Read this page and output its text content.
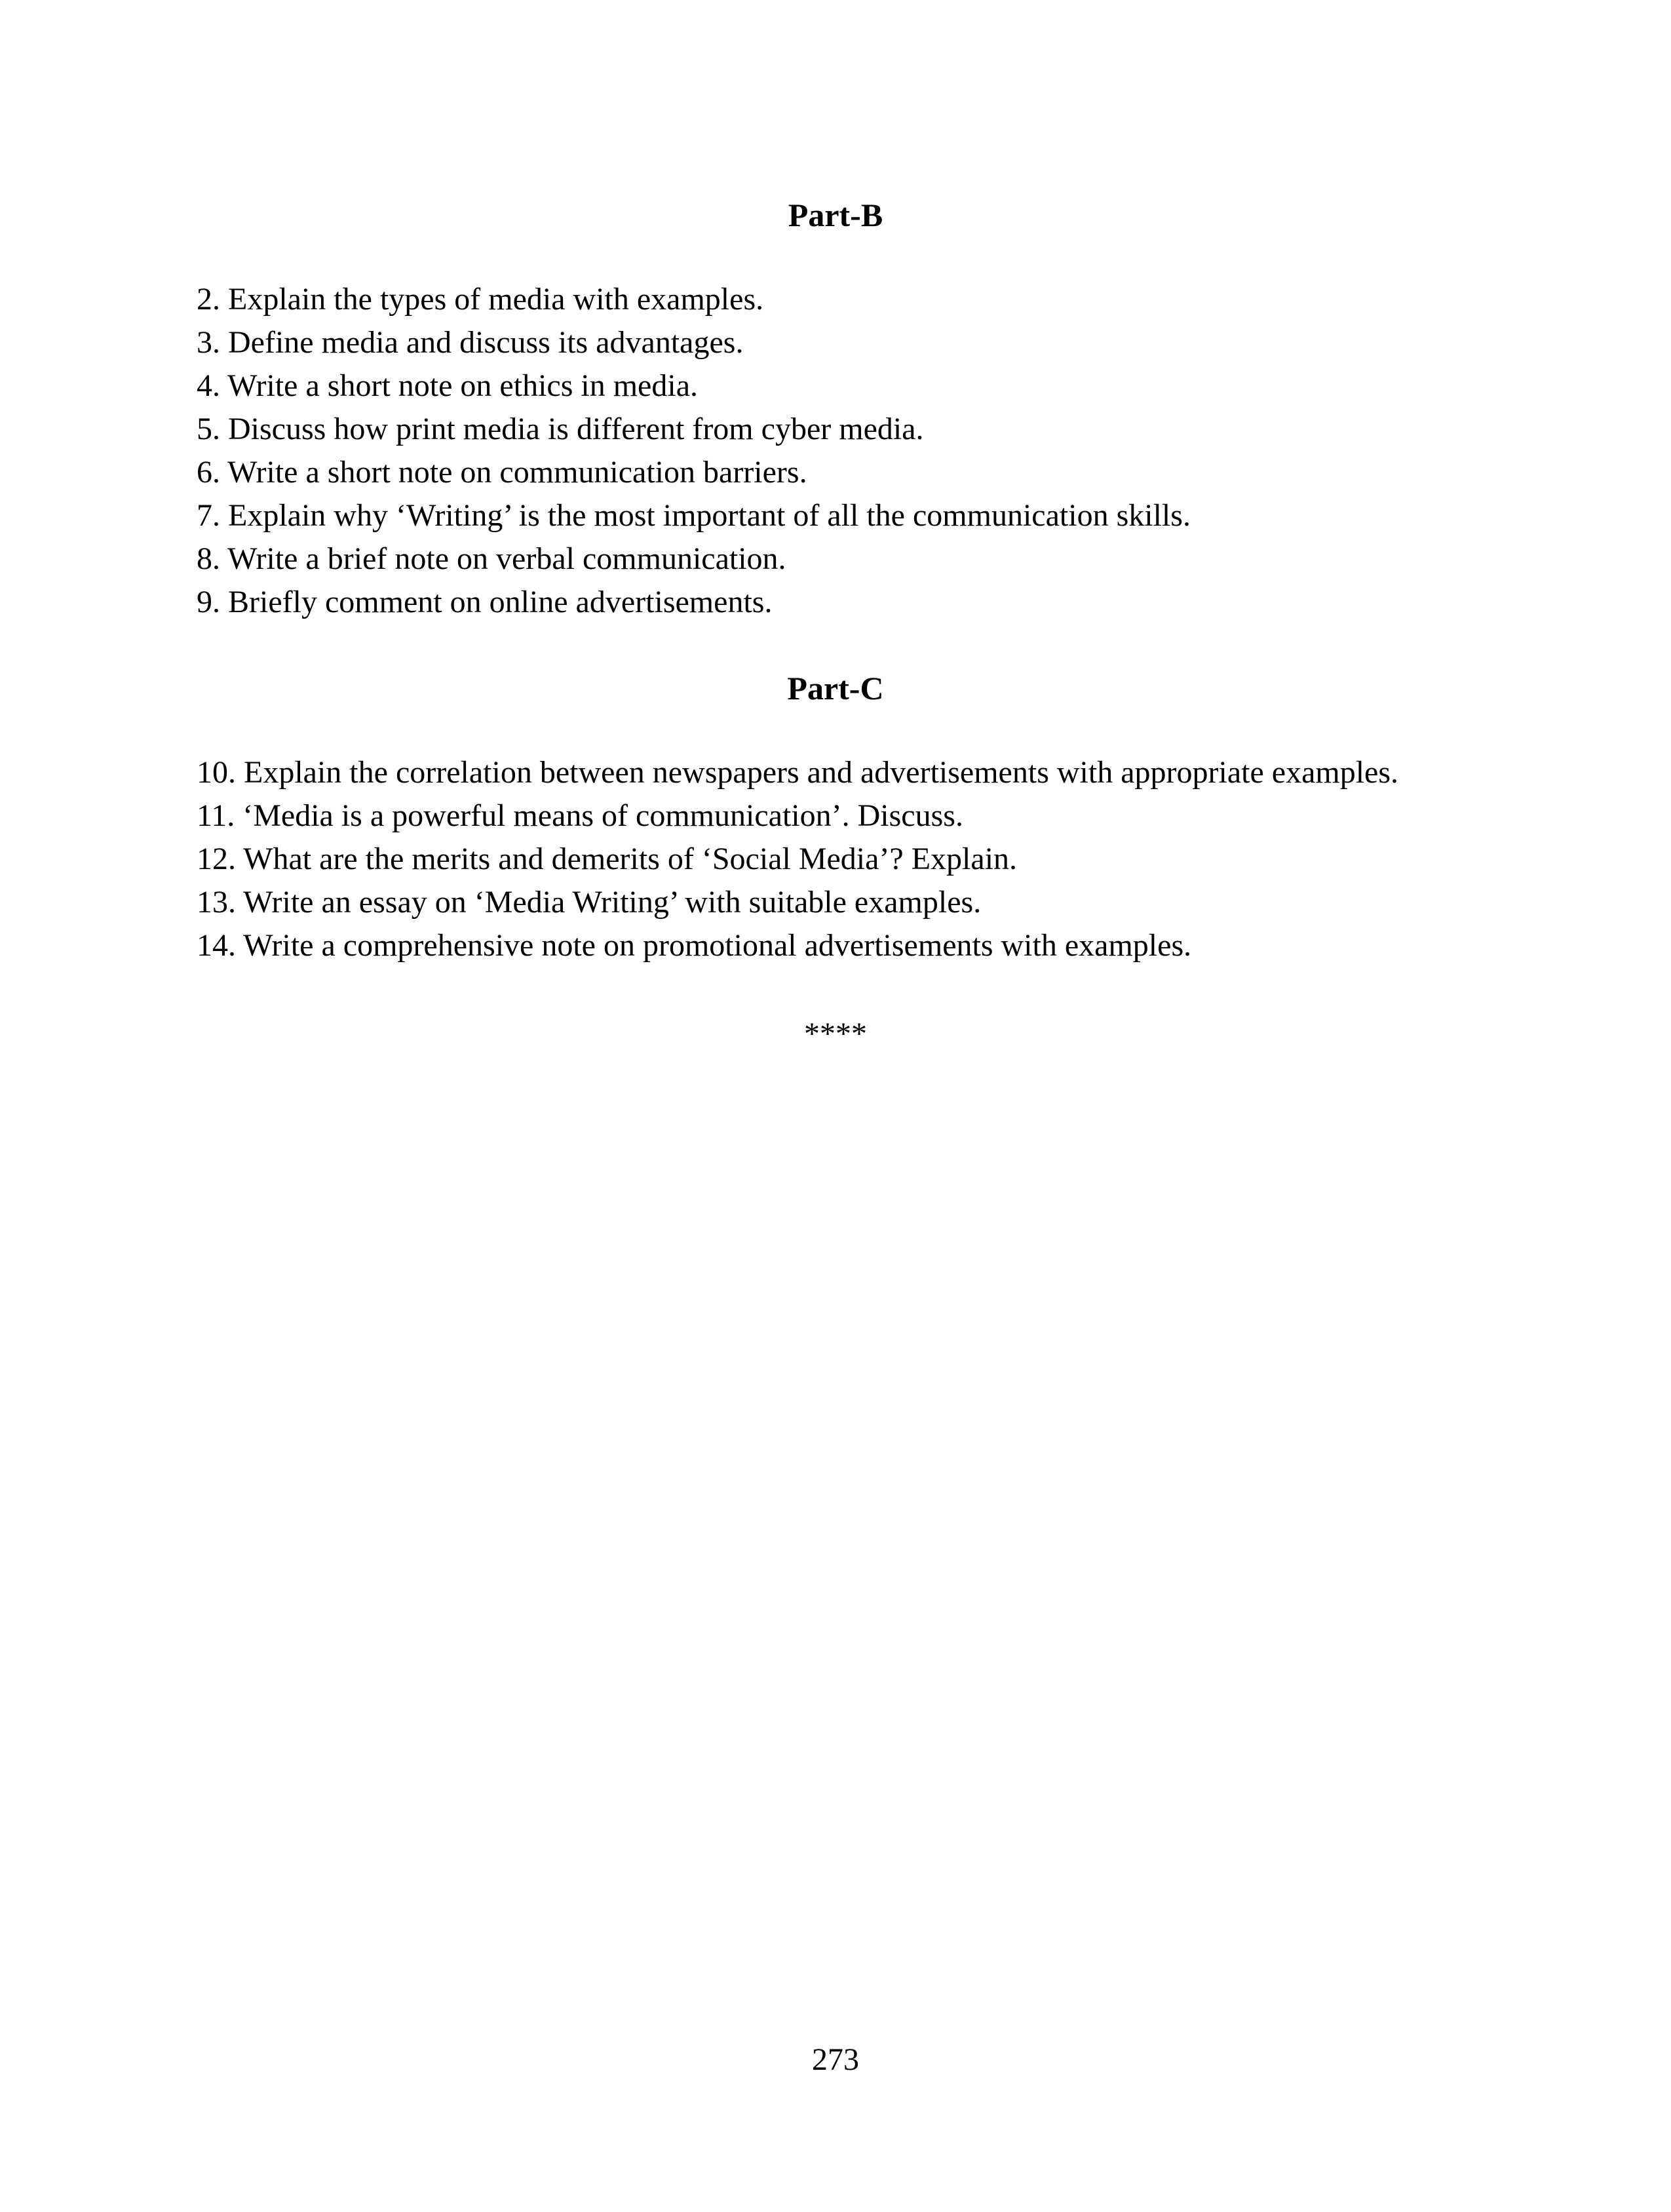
Part-B
2. Explain the types of media with examples.
3. Define media and discuss its advantages.
4. Write a short note on ethics in media.
5. Discuss how print media is different from cyber media.
6. Write a short note on communication barriers.
7. Explain why ‘Writing’ is the most important of all the communication skills.
8. Write a brief note on verbal communication.
9. Briefly comment on online advertisements.
Part-C
10. Explain the correlation between newspapers and advertisements with appropriate examples.
11. ‘Media is a powerful means of communication’. Discuss.
12. What are the merits and demerits of ‘Social Media’? Explain.
13. Write an essay on ‘Media Writing’ with suitable examples.
14. Write a comprehensive note on promotional advertisements with examples.
****
273
